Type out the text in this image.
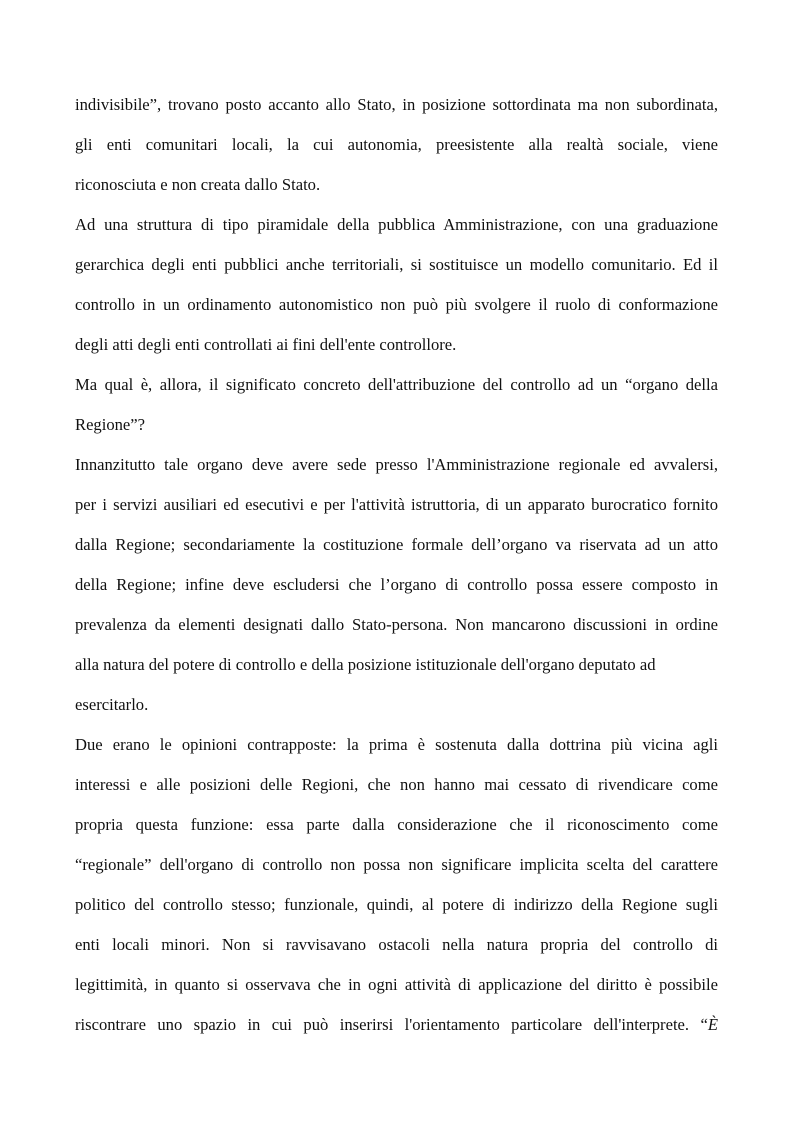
indivisibile”, trovano posto accanto allo Stato, in posizione sottordinata ma non subordinata,
gli enti comunitari locali, la cui autonomia, preesistente alla realtà sociale, viene
riconosciuta e non creata dallo Stato.
Ad una struttura di tipo piramidale della pubblica Amministrazione, con una graduazione
gerarchica degli enti pubblici anche territoriali, si sostituisce un modello comunitario. Ed il
controllo in un ordinamento autonomistico non può più svolgere il ruolo di conformazione
degli atti degli enti controllati ai fini dell'ente controllore.
Ma qual è, allora, il significato concreto dell'attribuzione del controllo ad un “organo della
Regione”?
Innanzitutto tale organo deve avere sede presso l'Amministrazione regionale ed avvalersi,
per i servizi ausiliari ed esecutivi e per l'attività istruttoria, di un apparato burocratico fornito
dalla Regione; secondariamente la costituzione formale dell’organo va riservata ad un atto
della Regione; infine deve escludersi che l’organo di controllo possa essere composto in
prevalenza da elementi designati dallo Stato-persona. Non mancarono discussioni in ordine
alla natura del potere di controllo e della posizione istituzionale dell'organo deputato ad
esercitarlo.
Due erano le opinioni contrapposte: la prima è sostenuta dalla dottrina più vicina agli
interessi e alle posizioni delle Regioni, che non hanno mai cessato di rivendicare come
propria questa funzione: essa parte dalla considerazione che il riconoscimento come
“regionale” dell'organo di controllo non possa non significare implicita scelta del carattere
politico del controllo stesso; funzionale, quindi, al potere di indirizzo della Regione sugli
enti locali minori. Non si ravvisavano ostacoli nella natura propria del controllo di
legittimità, in quanto si osservava che in ogni attività di applicazione del diritto è possibile
riscontrare uno spazio in cui può inserirsi l'orientamento particolare dell'interprete. “È
